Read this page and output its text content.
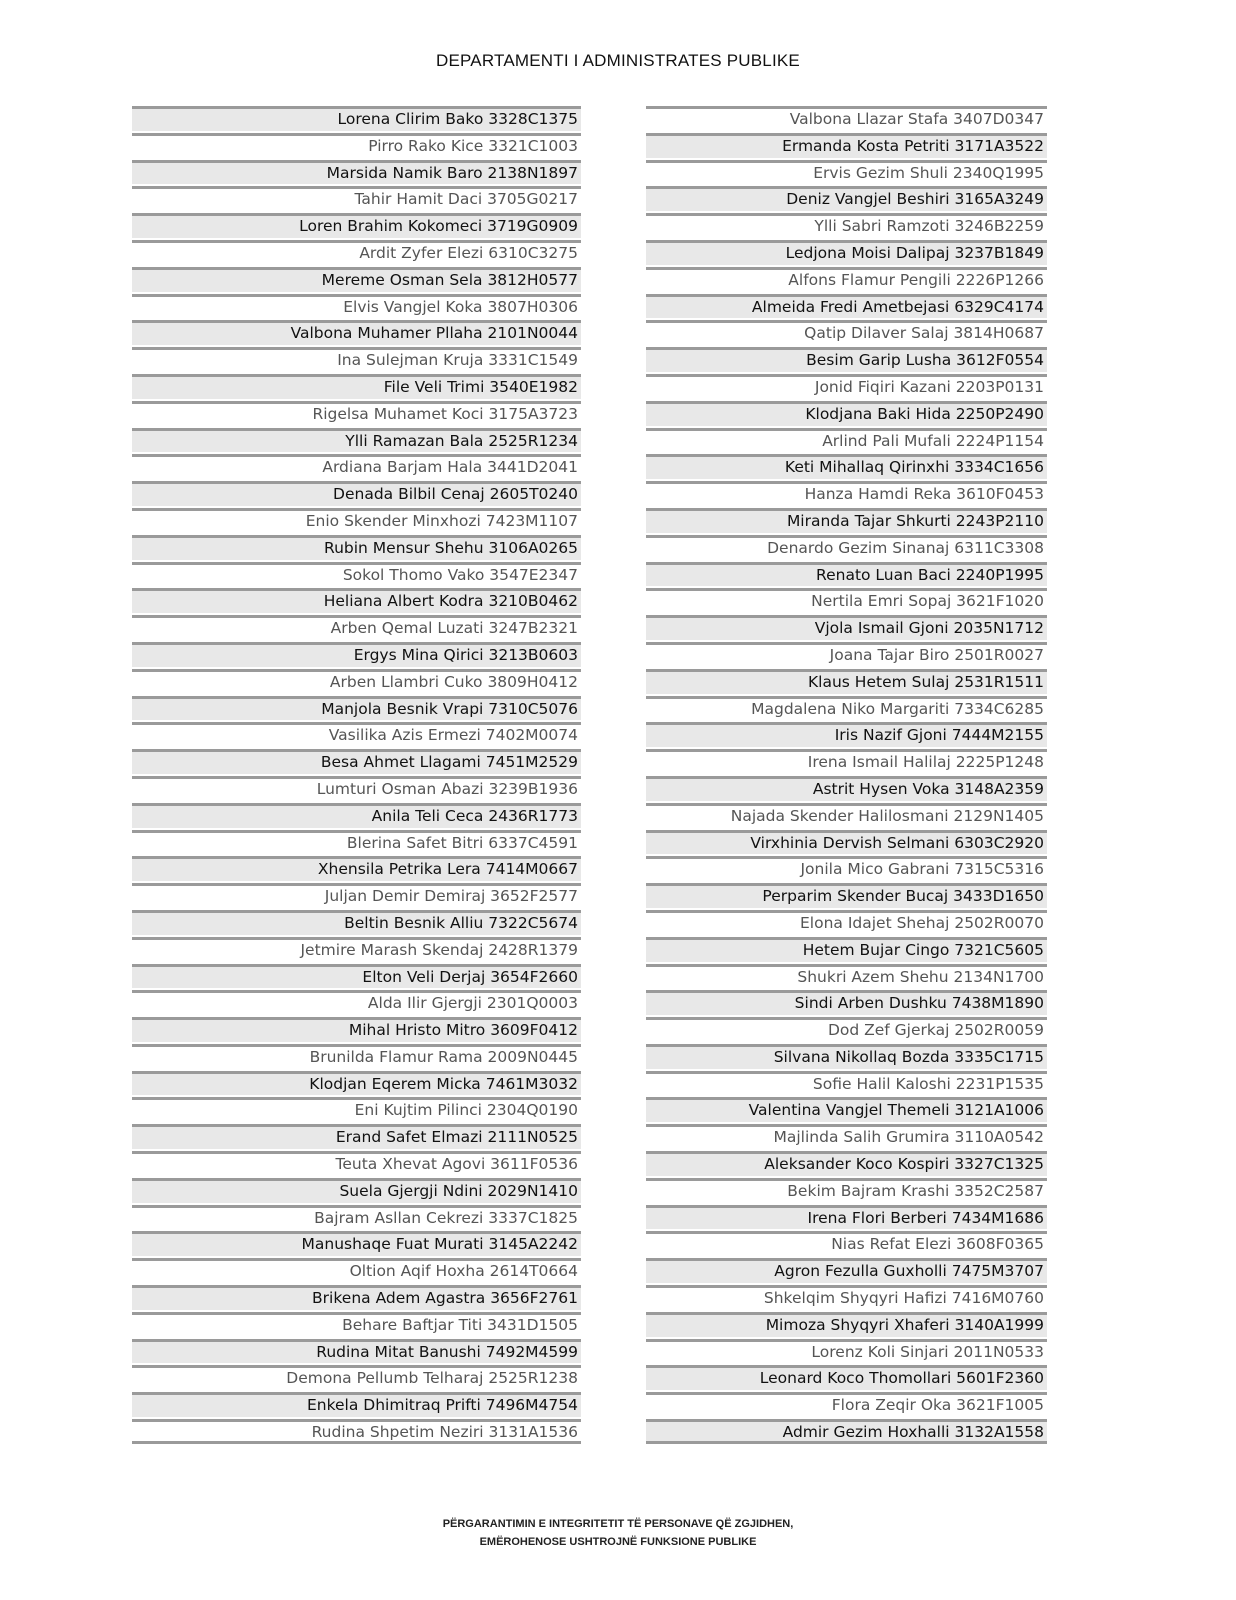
DEPARTAMENTI I ADMINISTRATES PUBLIKE
Lorena Clirim Bako 3328C1375
Pirro Rako Kice 3321C1003
Marsida Namik Baro 2138N1897
Tahir Hamit Daci 3705G0217
Loren Brahim Kokomeci 3719G0909
Ardit Zyfer Elezi 6310C3275
Mereme Osman Sela 3812H0577
Elvis Vangjel Koka 3807H0306
Valbona Muhamer Pllaha 2101N0044
Ina Sulejman Kruja 3331C1549
File Veli Trimi 3540E1982
Rigelsa Muhamet Koci 3175A3723
Ylli Ramazan Bala 2525R1234
Ardiana Barjam Hala 3441D2041
Denada Bilbil Cenaj 2605T0240
Enio Skender Minxhozi 7423M1107
Rubin Mensur Shehu 3106A0265
Sokol Thomo Vako 3547E2347
Heliana Albert Kodra 3210B0462
Arben Qemal Luzati 3247B2321
Ergys Mina Qirici 3213B0603
Arben Llambri Cuko 3809H0412
Manjola Besnik Vrapi 7310C5076
Vasilika Azis Ermezi 7402M0074
Besa Ahmet Llagami 7451M2529
Lumturi Osman Abazi 3239B1936
Anila Teli Ceca 2436R1773
Blerina Safet Bitri 6337C4591
Xhensila Petrika Lera 7414M0667
Juljan Demir Demiraj 3652F2577
Beltin Besnik Alliu 7322C5674
Jetmire Marash Skendaj 2428R1379
Elton Veli Derjaj 3654F2660
Alda Ilir Gjergji 2301Q0003
Mihal Hristo Mitro 3609F0412
Brunilda Flamur Rama 2009N0445
Klodjan Eqerem Micka 7461M3032
Eni Kujtim Pilinci 2304Q0190
Erand Safet Elmazi 2111N0525
Teuta Xhevat Agovi 3611F0536
Suela Gjergji Ndini 2029N1410
Bajram Asllan Cekrezi 3337C1825
Manushaqe Fuat Murati 3145A2242
Oltion Aqif Hoxha 2614T0664
Brikena Adem Agastra 3656F2761
Behare Baftjar Titi 3431D1505
Rudina Mitat Banushi 7492M4599
Demona Pellumb Telharaj 2525R1238
Enkela Dhimitraq Prifti 7496M4754
Rudina Shpetim Neziri 3131A1536
Valbona Llazar Stafa 3407D0347
Ermanda Kosta Petriti 3171A3522
Ervis Gezim Shuli 2340Q1995
Deniz Vangjel Beshiri 3165A3249
Ylli Sabri Ramzoti 3246B2259
Ledjona Moisi Dalipaj 3237B1849
Alfons Flamur Pengili 2226P1266
Almeida Fredi Ametbejasi 6329C4174
Qatip Dilaver Salaj 3814H0687
Besim Garip Lusha 3612F0554
Jonid Fiqiri Kazani 2203P0131
Klodjana Baki Hida 2250P2490
Arlind Pali Mufali 2224P1154
Keti Mihallaq Qirinxhi 3334C1656
Hanza Hamdi Reka 3610F0453
Miranda Tajar Shkurti 2243P2110
Denardo Gezim Sinanaj 6311C3308
Renato Luan Baci 2240P1995
Nertila Emri Sopaj 3621F1020
Vjola Ismail Gjoni 2035N1712
Joana Tajar Biro 2501R0027
Klaus Hetem Sulaj 2531R1511
Magdalena Niko Margariti 7334C6285
Iris Nazif Gjoni 7444M2155
Irena Ismail Halilaj 2225P1248
Astrit Hysen Voka 3148A2359
Najada Skender Halilosmani 2129N1405
Virxhinia Dervish Selmani 6303C2920
Jonila Mico Gabrani 7315C5316
Perparim Skender Bucaj 3433D1650
Elona Idajet Shehaj 2502R0070
Hetem Bujar Cingo 7321C5605
Shukri Azem Shehu 2134N1700
Sindi Arben Dushku 7438M1890
Dod Zef Gjerkaj 2502R0059
Silvana Nikollaq Bozda 3335C1715
Sofie Halil Kaloshi 2231P1535
Valentina Vangjel Themeli 3121A1006
Majlinda Salih Grumira 3110A0542
Aleksander Koco Kospiri 3327C1325
Bekim Bajram Krashi 3352C2587
Irena Flori Berberi 7434M1686
Nias Refat Elezi 3608F0365
Agron Fezulla Guxholli 7475M3707
Shkelqim Shyqyri Hafizi 7416M0760
Mimoza Shyqyri Xhaferi 3140A1999
Lorenz Koli Sinjari 2011N0533
Leonard Koco Thomollari 5601F2360
Flora Zeqir Oka 3621F1005
Admir Gezim Hoxhalli 3132A1558
PËRGARANTIMIN E INTEGRITETIT TË PERSONAVE QË ZGJIDHEN,
EMËROHENOSE USHTROJNË FUNKSIONE PUBLIKE
